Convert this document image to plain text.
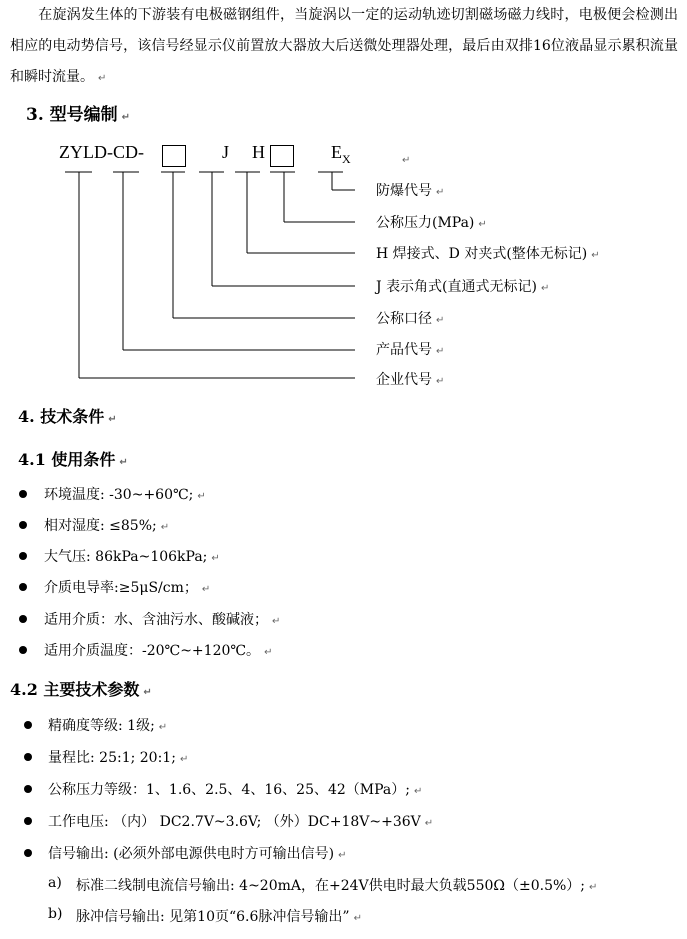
在旋涡发生体的下游装有电极磁钢组件，当旋涡以一定的运动轨迹切割磁场磁力线时，电极便会检测出相应的电动势信号，该信号经显示仪前置放大器放大后送微处理器处理，最后由双排16位液晶显示累积流量和瞬时流量。 ↵
3. 型号编制 ↵
ZYLD-CD-	J H	$E_X$	↵
防爆代号 ↵
公称压力(MPa) ↵
H 焊接式、D 对夹式(整体无标记) ↵
J 表示角式(直通式无标记) ↵
公称口径 ↵
产品代号 ↵
企业代号 ↵
4. 技术条件 ↵
4.1 使用条件 ↵
环境温度: -30~+60℃; ↵
相对湿度: ≤85%; ↵
大气压: 86kPa~106kPa; ↵
介质电导率:≥5μS/cm； ↵
适用介质：水、含油污水、酸碱液； ↵
适用介质温度：-20℃~+120℃。 ↵
4.2 主要技术参数 ↵
精确度等级: 1级; ↵
量程比: 25:1; 20:1; ↵
公称压力等级：1、1.6、2.5、4、16、25、42（MPa）; ↵
工作电压: （内） DC2.7V~3.6V; （外）DC+18V~+36V ↵
信号输出: (必须外部电源供电时方可输出信号) ↵
a) 标准二线制电流信号输出: 4~20mA，在+24V供电时最大负载550Ω（±0.5%）; ↵
b) 脉冲信号输出: 见第10页“6.6脉冲信号输出” ↵
